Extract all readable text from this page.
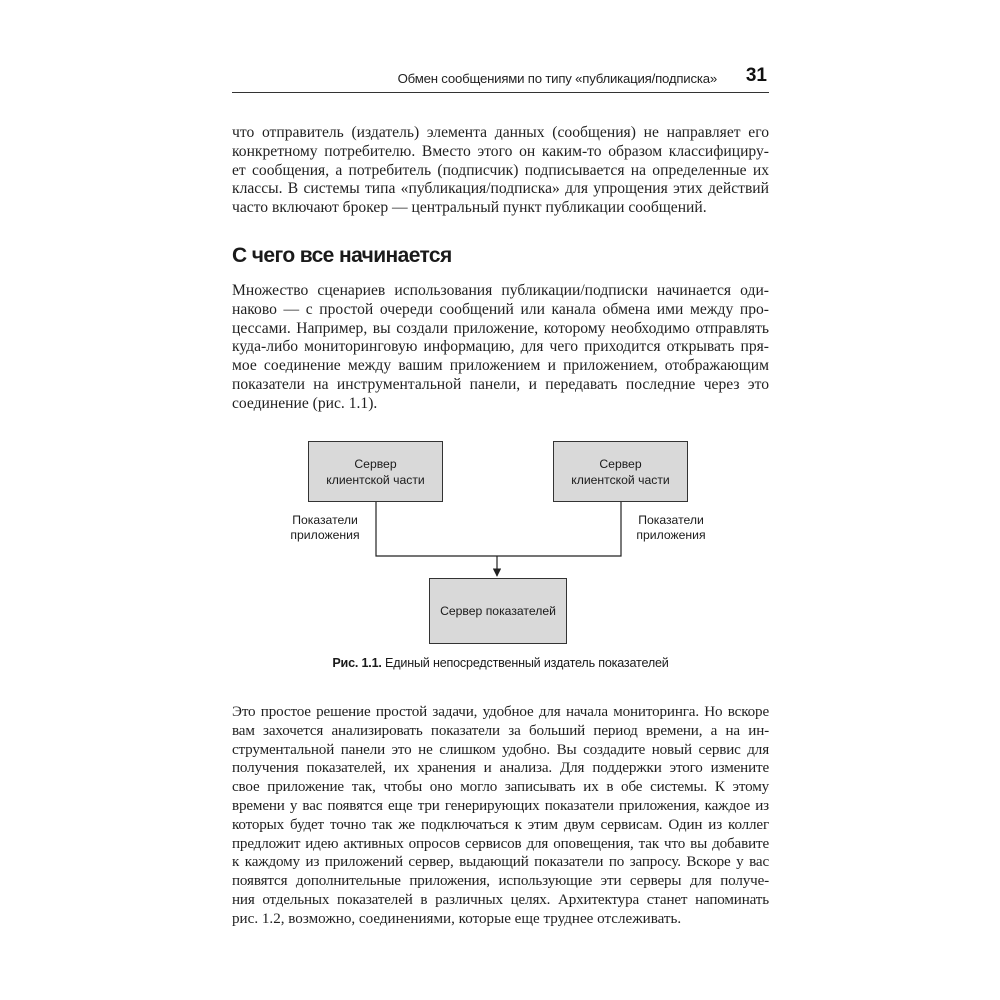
Обмен сообщениями по типу «публикация/подписка» 31

что отправитель (издатель) элемента данных (сообщения) не направляет его
конкретному потребителю. Вместо этого он каким-то образом классифициру-
ет сообщения, а потребитель (подписчик) подписывается на определенные их
классы. В системы типа «публикация/подписка» для упрощения этих действий
часто включают брокер — центральный пункт публикации сообщений.

С чего все начинается

Множество сценариев использования публикации/подписки начинается оди-
наково — с простой очереди сообщений или канала обмена ими между про-
цессами. Например, вы создали приложение, которому необходимо отправлять
куда-либо мониторинговую информацию, для чего приходится открывать пря-
мое соединение между вашим приложением и приложением, отображающим
показатели на инструментальной панели, и передавать последние через это
соединение (рис. 1.1).

Сервер
клиентской части
Сервер
клиентской части
Сервер показателей
Показатели
приложения
Показатели
приложения
Рис. 1.1. Единый непосредственный издатель показателей

Это простое решение простой задачи, удобное для начала мониторинга. Но вскоре
вам захочется анализировать показатели за больший период времени, а на ин-
струментальной панели это не слишком удобно. Вы создадите новый сервис для
получения показателей, их хранения и анализа. Для поддержки этого измените
свое приложение так, чтобы оно могло записывать их в обе системы. К этому
времени у вас появятся еще три генерирующих показатели приложения, каждое из
которых будет точно так же подключаться к этим двум сервисам. Один из коллег
предложит идею активных опросов сервисов для оповещения, так что вы добавите
к каждому из приложений сервер, выдающий показатели по запросу. Вскоре у вас
появятся дополнительные приложения, использующие эти серверы для получе-
ния отдельных показателей в различных целях. Архитектура станет напоминать
рис. 1.2, возможно, соединениями, которые еще труднее отслеживать.
